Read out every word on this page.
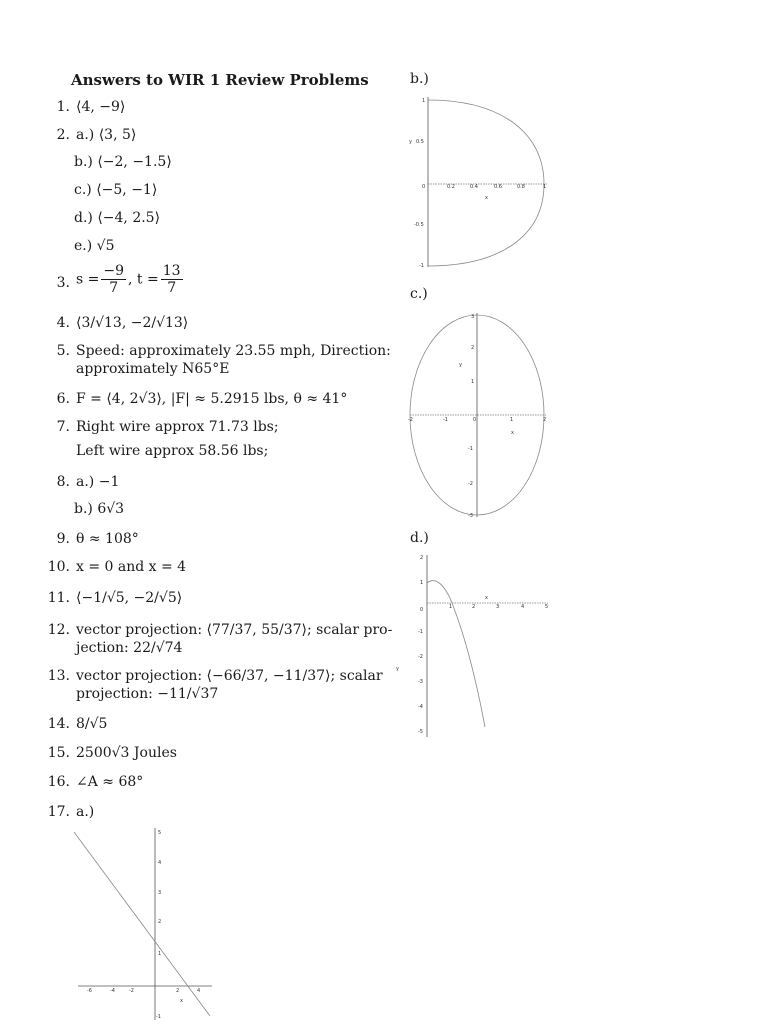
Answers to WIR 1 Review Problems
1. ⟨4, −9⟩
2. a.) ⟨3, 5⟩
b.) ⟨−2, −1.5⟩
c.) ⟨−5, −1⟩
d.) ⟨−4, 2.5⟩
e.) √5
3. $s = \frac{-9}{7}$ , $t = \frac{13}{7}$
4. ⟨3/√13, −2/√13⟩
5. Speed: approximately 23.55 mph, Direction:
approximately N65°E
6. F = ⟨4, 2√3⟩, |F| ≈ 5.2915 lbs, θ ≈ 41°
7. Right wire approx 71.73 lbs;
Left wire approx 58.56 lbs;
8. a.) −1
b.) 6√3
9. θ ≈ 108°
10. x = 0 and x = 4
11. ⟨−1/√5, −2/√5⟩
12. vector projection: ⟨77/37, 55/37⟩; scalar pro-
jection: 22/√74
13. vector projection: ⟨−66/37, −11/37⟩; scalar
projection: −11/√37
14. 8/√5
15. 2500√3 Joules
16. ∠A ≈ 68°
17. a.)
-6	-4	-2	2	4
5
4
3
2
1
-1
x
b.)
1
0.5
-0.5
-1
y
0	0.2	0.4	0.6	0.8	1
x
c.)
3
2
1
-1
-2
-3
y
-2	-1	0	1	2
x
d.)
2
1
0
-1
-2
-3
-4
-5
y
1	2	3	4	5
x
